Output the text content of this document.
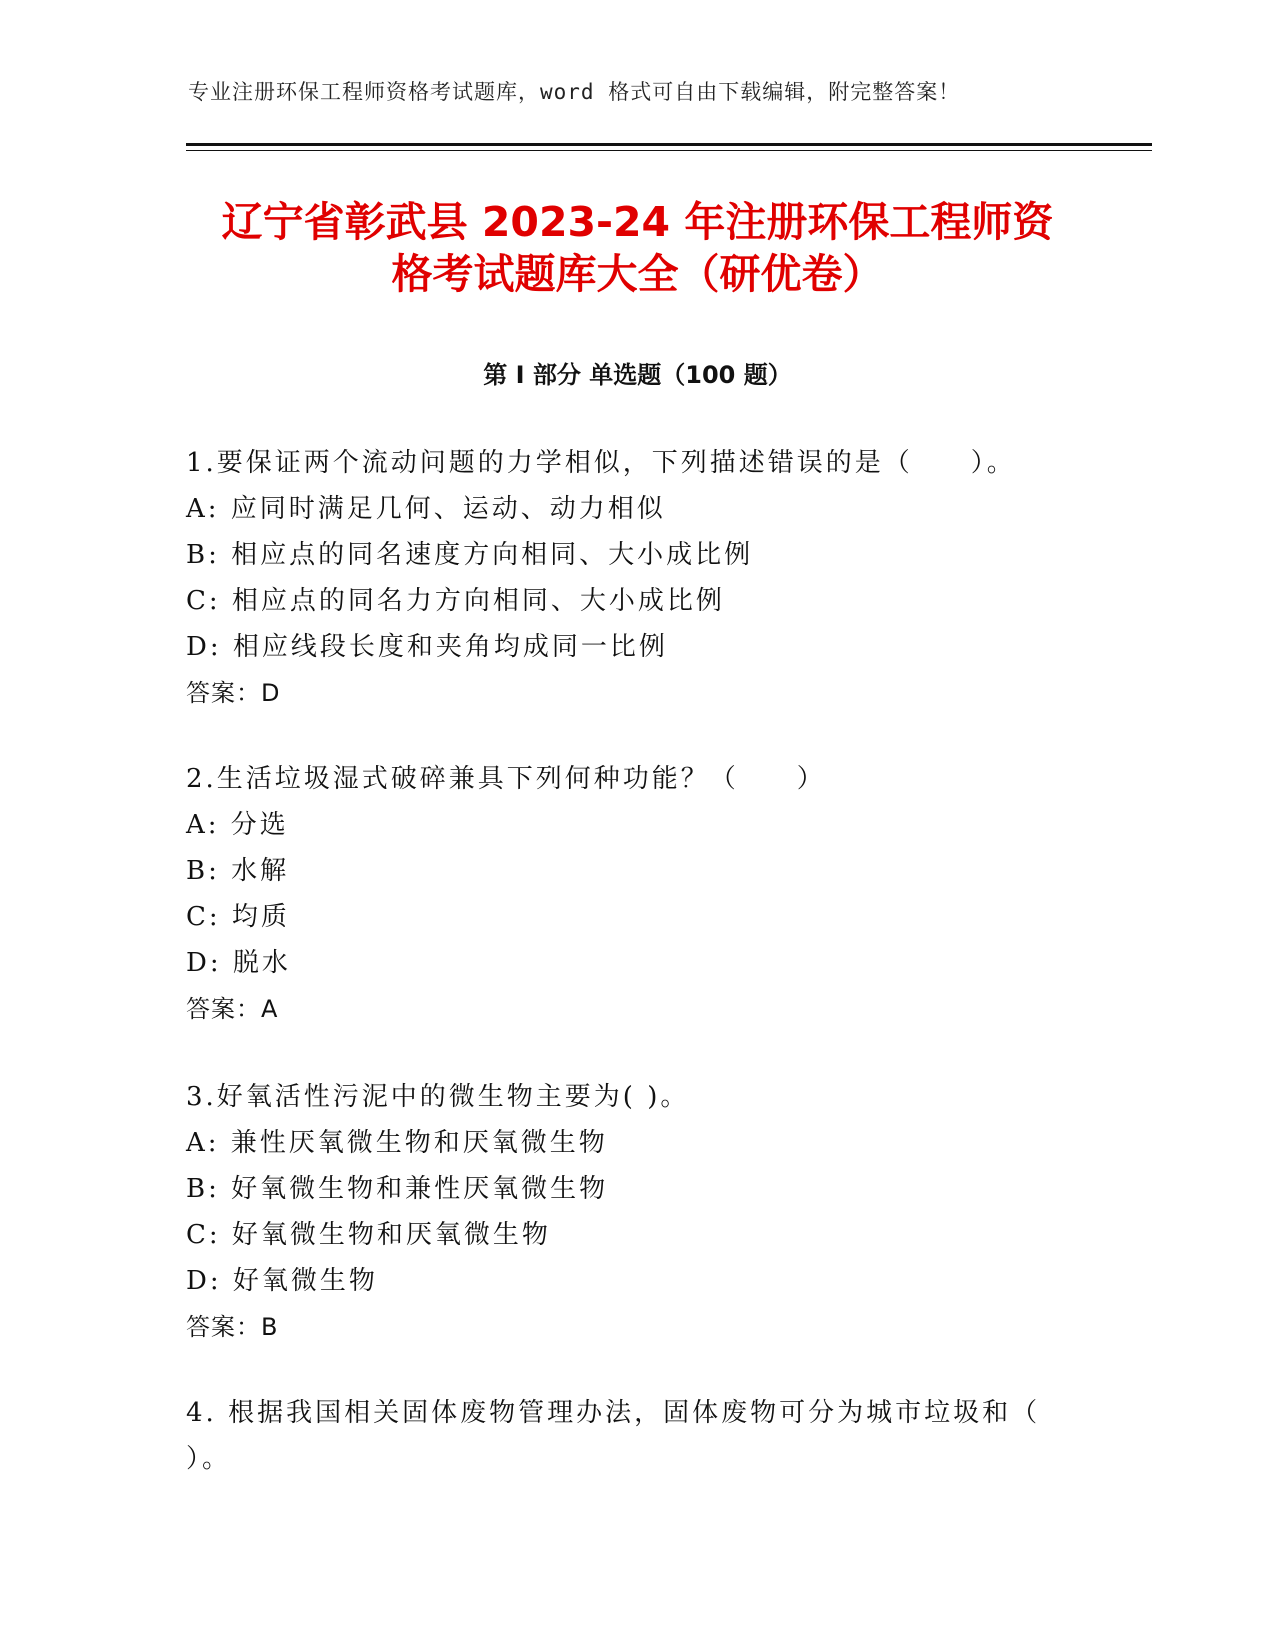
专业注册环保工程师资格考试题库，word 格式可自由下载编辑，附完整答案！
辽宁省彰武县 2023-24 年注册环保工程师资
格考试题库大全（研优卷）
第 I 部分 单选题（100 题）
1.要保证两个流动问题的力学相似，下列描述错误的是（　　）。
A: 应同时满足几何、运动、动力相似
B: 相应点的同名速度方向相同、大小成比例
C: 相应点的同名力方向相同、大小成比例
D: 相应线段长度和夹角均成同一比例
答案：D
2.生活垃圾湿式破碎兼具下列何种功能？（　　）
A: 分选
B: 水解
C: 均质
D: 脱水
答案：A
3.好氧活性污泥中的微生物主要为( )。
A: 兼性厌氧微生物和厌氧微生物
B: 好氧微生物和兼性厌氧微生物
C: 好氧微生物和厌氧微生物
D: 好氧微生物
答案：B
4. 根据我国相关固体废物管理办法，固体废物可分为城市垃圾和（
）。
